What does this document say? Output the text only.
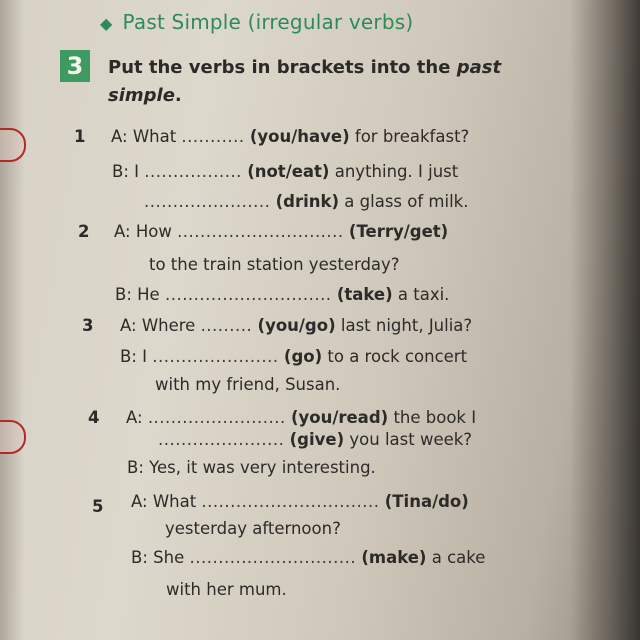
◆ Past Simple (irregular verbs)
3	Put the verbs in brackets into the past simple.
1 A: What ........... (you/have) for breakfast?
B: I ................. (not/eat) anything. I just
...................... (drink) a glass of milk.
2 A: How ............................. (Terry/get)
to the train station yesterday?
B: He ............................. (take) a taxi.
3 A: Where ......... (you/go) last night, Julia?
B: I ...................... (go) to a rock concert
with my friend, Susan.
4 A: ........................ (you/read) the book I
...................... (give) you last week?
B: Yes, it was very interesting.
5 A: What ............................... (Tina/do)
yesterday afternoon?
B: She ............................. (make) a cake
with her mum.
